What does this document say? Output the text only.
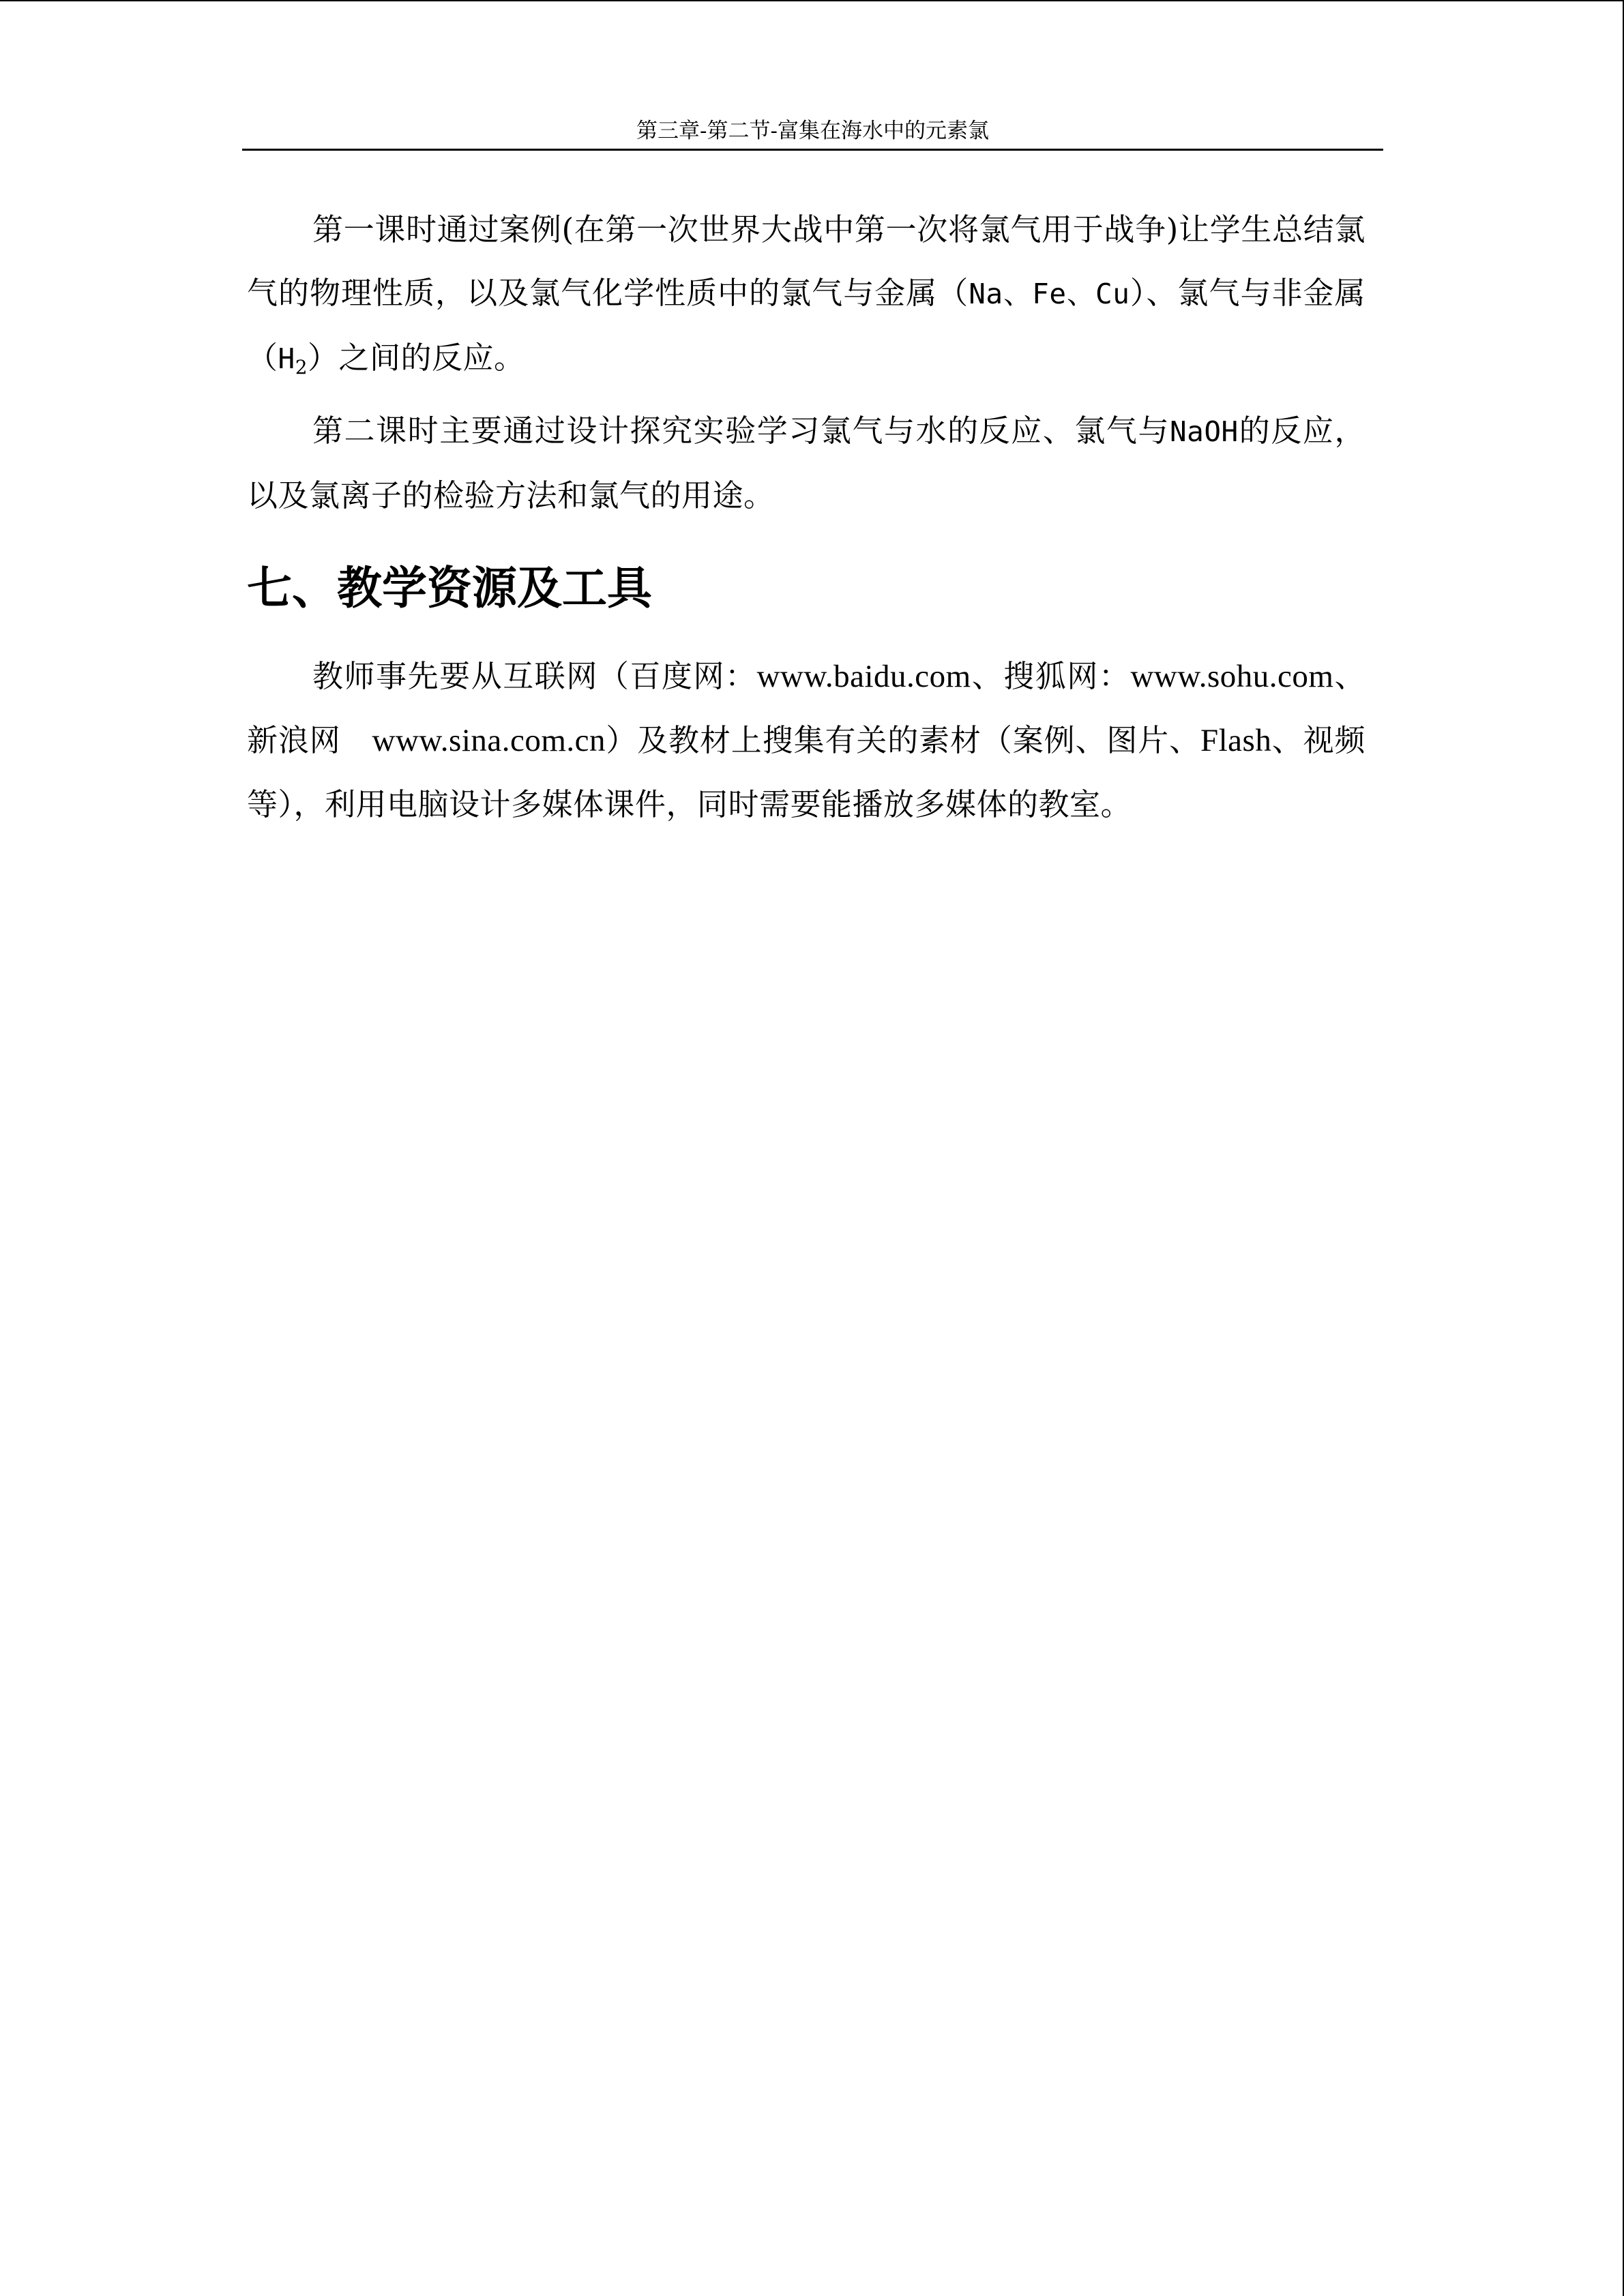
第三章-第二节-富集在海水中的元素氯

第一课时通过案例(在第一次世界大战中第一次将氯气用于战争)让学生总结氯气的物理性质，以及氯气化学性质中的氯气与金属（Na、Fe、Cu）、氯气与非金属$(H_2)$之间的反应。

第二课时主要通过设计探究实验学习氯气与水的反应、氯气与NaOH的反应，以及氯离子的检验方法和氯气的用途。

七、教学资源及工具

教师事先要从互联网（百度网：www.baidu.com、搜狐网：www.sohu.com、新浪网　www.sina.com.cn）及教材上搜集有关的素材（案例、图片、Flash、视频等），利用电脑设计多媒体课件，同时需要能播放多媒体的教室。
